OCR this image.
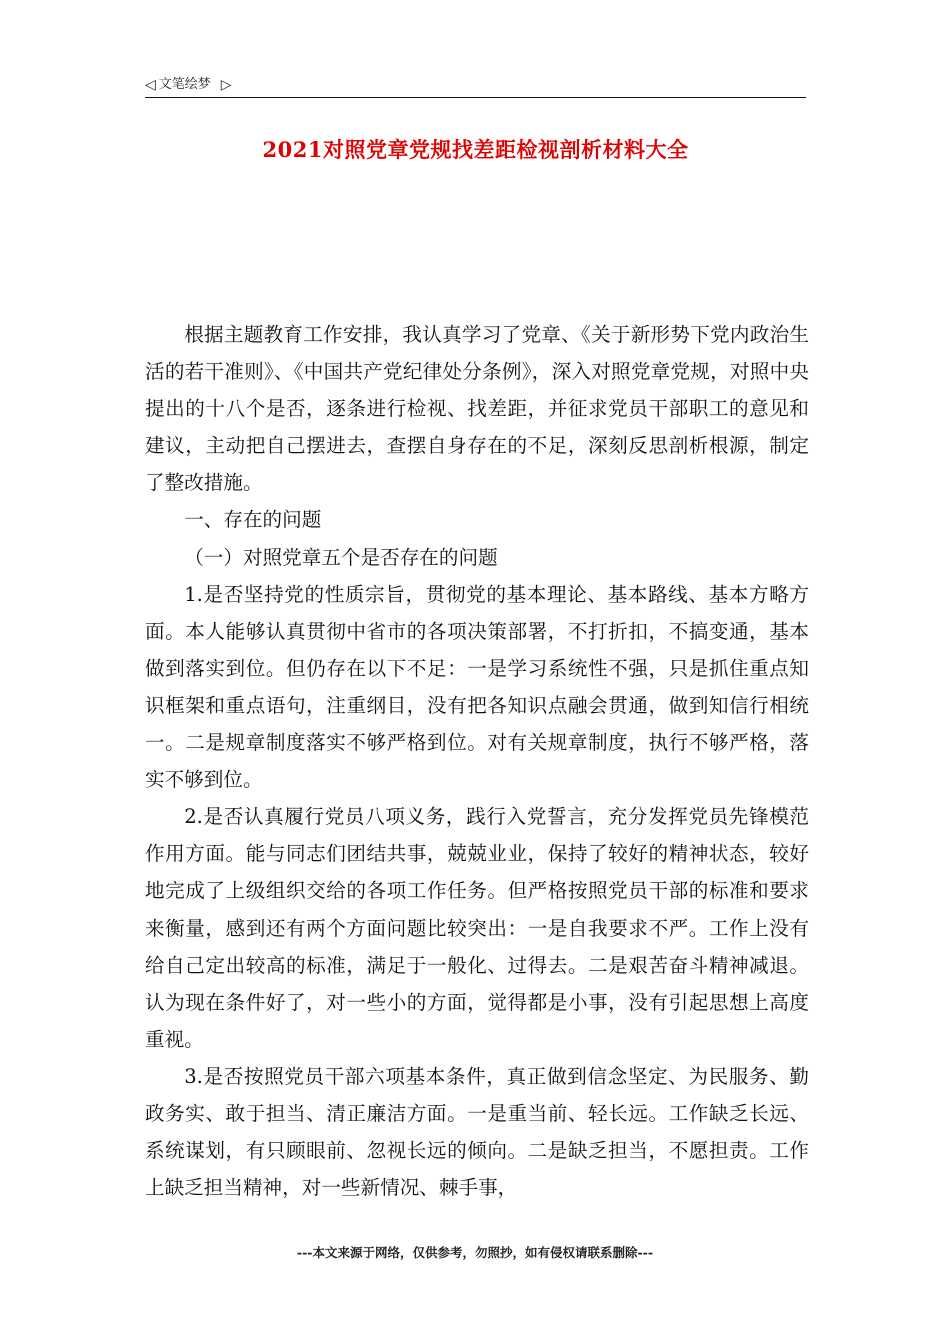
◁ 文笔绘梦 ▷
2021对照党章党规找差距检视剖析材料大全

根据主题教育工作安排，我认真学习了党章、《关于新形势下党内政治生活的若干准则》、《中国共产党纪律处分条例》，深入对照党章党规，对照中央提出的十八个是否，逐条进行检视、找差距，并征求党员干部职工的意见和建议，主动把自己摆进去，查摆自身存在的不足，深刻反思剖析根源，制定了整改措施。

一、存在的问题

（一）对照党章五个是否存在的问题

1.是否坚持党的性质宗旨，贯彻党的基本理论、基本路线、基本方略方面。本人能够认真贯彻中省市的各项决策部署，不打折扣，不搞变通，基本做到落实到位。但仍存在以下不足：一是学习系统性不强，只是抓住重点知识框架和重点语句，注重纲目，没有把各知识点融会贯通，做到知信行相统一。二是规章制度落实不够严格到位。对有关规章制度，执行不够严格，落实不够到位。

2.是否认真履行党员八项义务，践行入党誓言，充分发挥党员先锋模范作用方面。能与同志们团结共事，兢兢业业，保持了较好的精神状态，较好地完成了上级组织交给的各项工作任务。但严格按照党员干部的标准和要求来衡量，感到还有两个方面问题比较突出：一是自我要求不严。工作上没有给自己定出较高的标准，满足于一般化、过得去。二是艰苦奋斗精神减退。认为现在条件好了，对一些小的方面，觉得都是小事，没有引起思想上高度重视。

3.是否按照党员干部六项基本条件，真正做到信念坚定、为民服务、勤政务实、敢于担当、清正廉洁方面。一是重当前、轻长远。工作缺乏长远、系统谋划，有只顾眼前、忽视长远的倾向。二是缺乏担当，不愿担责。工作上缺乏担当精神，对一些新情况、棘手事，

---本文来源于网络，仅供参考，勿照抄，如有侵权请联系删除---
